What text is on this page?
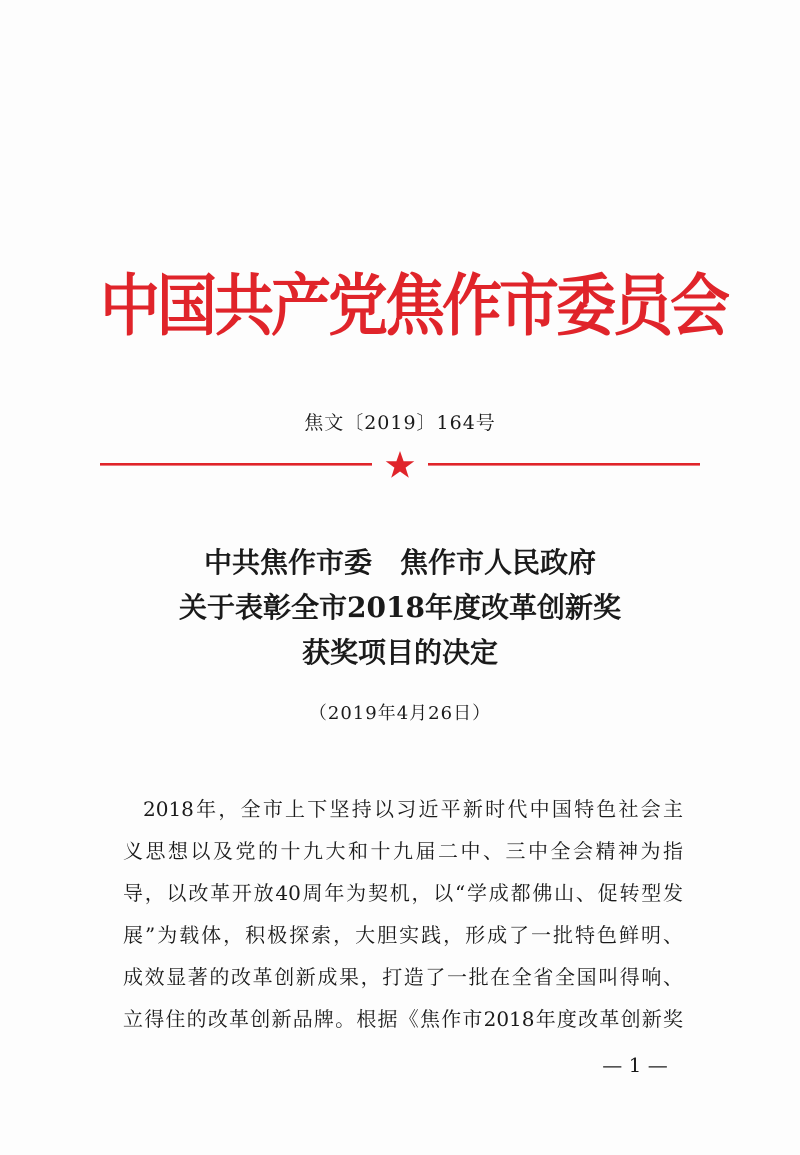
中国共产党焦作市委员会
焦文〔2019〕164号
中共焦作市委　焦作市人民政府
关于表彰全市2018年度改革创新奖
获奖项目的决定
（2019年4月26日）
2018年，全市上下坚持以习近平新时代中国特色社会主
义思想以及党的十九大和十九届二中、三中全会精神为指
导，以改革开放40周年为契机，以“学成都佛山、促转型发
展”为载体，积极探索，大胆实践，形成了一批特色鲜明、
成效显著的改革创新成果，打造了一批在全省全国叫得响、
立得住的改革创新品牌。根据《焦作市2018年度改革创新奖
— 1 —
